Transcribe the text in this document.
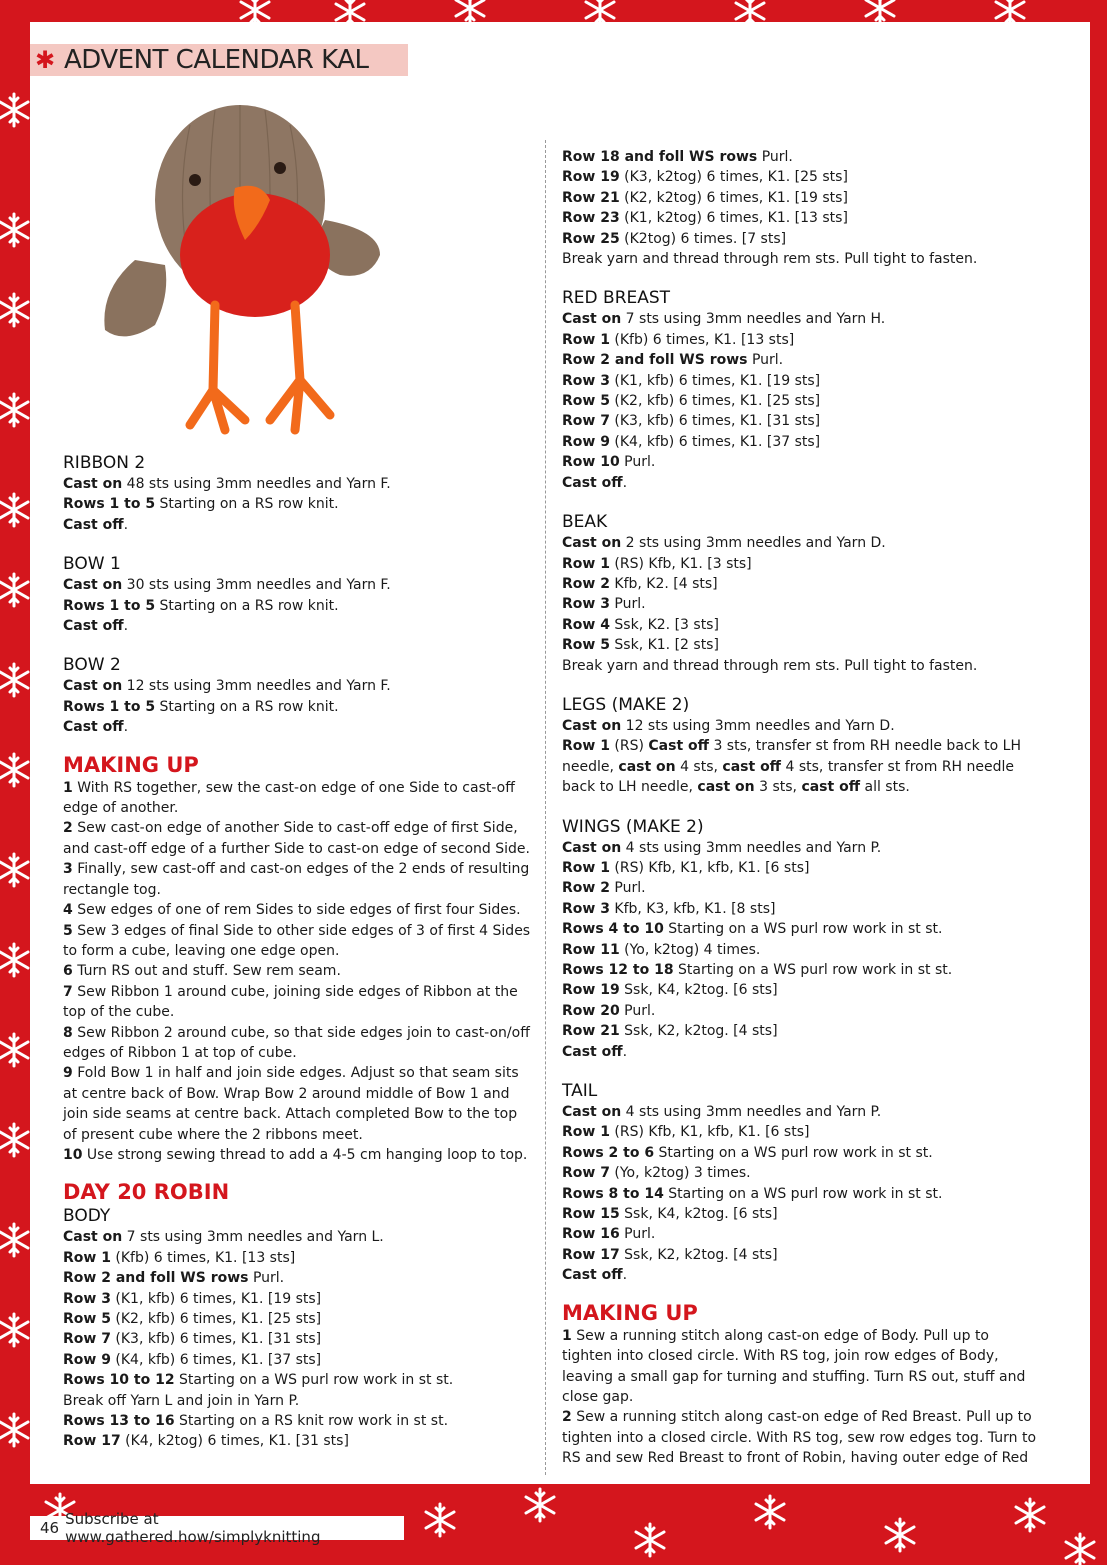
✱ ADVENT CALENDAR KAL
RIBBON 2

Cast on 48 sts using 3mm needles and Yarn F.

Rows 1 to 5 Starting on a RS row knit.

Cast off.

BOW 1

Cast on 30 sts using 3mm needles and Yarn F.

Rows 1 to 5 Starting on a RS row knit.

Cast off.

BOW 2

Cast on 12 sts using 3mm needles and Yarn F.

Rows 1 to 5 Starting on a RS row knit.

Cast off.

MAKING UP

1 With RS together, sew the cast-on edge of one Side to cast-off edge of another.

2 Sew cast-on edge of another Side to cast-off edge of first Side, and cast-off edge of a further Side to cast-on edge of second Side.

3 Finally, sew cast-off and cast-on edges of the 2 ends of resulting rectangle tog.

4 Sew edges of one of rem Sides to side edges of first four Sides.

5 Sew 3 edges of final Side to other side edges of 3 of first 4 Sides to form a cube, leaving one edge open.

6 Turn RS out and stuff. Sew rem seam.

7 Sew Ribbon 1 around cube, joining side edges of Ribbon at the top of the cube.

8 Sew Ribbon 2 around cube, so that side edges join to cast-on/off edges of Ribbon 1 at top of cube.

9 Fold Bow 1 in half and join side edges. Adjust so that seam sits at centre back of Bow. Wrap Bow 2 around middle of Bow 1 and join side seams at centre back. Attach completed Bow to the top of present cube where the 2 ribbons meet.

10 Use strong sewing thread to add a 4-5 cm hanging loop to top.

DAY 20 ROBIN
BODY

Cast on 7 sts using 3mm needles and Yarn L.

Row 1 (Kfb) 6 times, K1. [13 sts]

Row 2 and foll WS rows Purl.

Row 3 (K1, kfb) 6 times, K1. [19 sts]

Row 5 (K2, kfb) 6 times, K1. [25 sts]

Row 7 (K3, kfb) 6 times, K1. [31 sts]

Row 9 (K4, kfb) 6 times, K1. [37 sts]

Rows 10 to 12 Starting on a WS purl row work in st st.

Break off Yarn L and join in Yarn P.

Rows 13 to 16 Starting on a RS knit row work in st st.

Row 17 (K4, k2tog) 6 times, K1. [31 sts]

Row 18 and foll WS rows Purl.

Row 19 (K3, k2tog) 6 times, K1. [25 sts]

Row 21 (K2, k2tog) 6 times, K1. [19 sts]

Row 23 (K1, k2tog) 6 times, K1. [13 sts]

Row 25 (K2tog) 6 times. [7 sts]

Break yarn and thread through rem sts. Pull tight to fasten.

RED BREAST

Cast on 7 sts using 3mm needles and Yarn H.

Row 1 (Kfb) 6 times, K1. [13 sts]

Row 2 and foll WS rows Purl.

Row 3 (K1, kfb) 6 times, K1. [19 sts]

Row 5 (K2, kfb) 6 times, K1. [25 sts]

Row 7 (K3, kfb) 6 times, K1. [31 sts]

Row 9 (K4, kfb) 6 times, K1. [37 sts]

Row 10 Purl.

Cast off.

BEAK

Cast on 2 sts using 3mm needles and Yarn D.

Row 1 (RS) Kfb, K1. [3 sts]

Row 2 Kfb, K2. [4 sts]

Row 3 Purl.

Row 4 Ssk, K2. [3 sts]

Row 5 Ssk, K1. [2 sts]

Break yarn and thread through rem sts. Pull tight to fasten.

LEGS (MAKE 2)

Cast on 12 sts using 3mm needles and Yarn D.

Row 1 (RS) Cast off 3 sts, transfer st from RH needle back to LH needle, cast on 4 sts, cast off 4 sts, transfer st from RH needle back to LH needle, cast on 3 sts, cast off all sts.

WINGS (MAKE 2)

Cast on 4 sts using 3mm needles and Yarn P.

Row 1 (RS) Kfb, K1, kfb, K1. [6 sts]

Row 2 Purl.

Row 3 Kfb, K3, kfb, K1. [8 sts]

Rows 4 to 10 Starting on a WS purl row work in st st.

Row 11 (Yo, k2tog) 4 times.

Rows 12 to 18 Starting on a WS purl row work in st st.

Row 19 Ssk, K4, k2tog. [6 sts]

Row 20 Purl.

Row 21 Ssk, K2, k2tog. [4 sts]

Cast off.

TAIL

Cast on 4 sts using 3mm needles and Yarn P.

Row 1 (RS) Kfb, K1, kfb, K1. [6 sts]

Rows 2 to 6 Starting on a WS purl row work in st st.

Row 7 (Yo, k2tog) 3 times.

Rows 8 to 14 Starting on a WS purl row work in st st.

Row 15 Ssk, K4, k2tog. [6 sts]

Row 16 Purl.

Row 17 Ssk, K2, k2tog. [4 sts]

Cast off.

MAKING UP

1 Sew a running stitch along cast-on edge of Body. Pull up to tighten into closed circle. With RS tog, join row edges of Body, leaving a small gap for turning and stuffing. Turn RS out, stuff and close gap.

2 Sew a running stitch along cast-on edge of Red Breast. Pull up to tighten into a closed circle. With RS tog, sew row edges tog. Turn to RS and sew Red Breast to front of Robin, having outer edge of Red

46 Subscribe at www.gathered.how/simplyknitting
